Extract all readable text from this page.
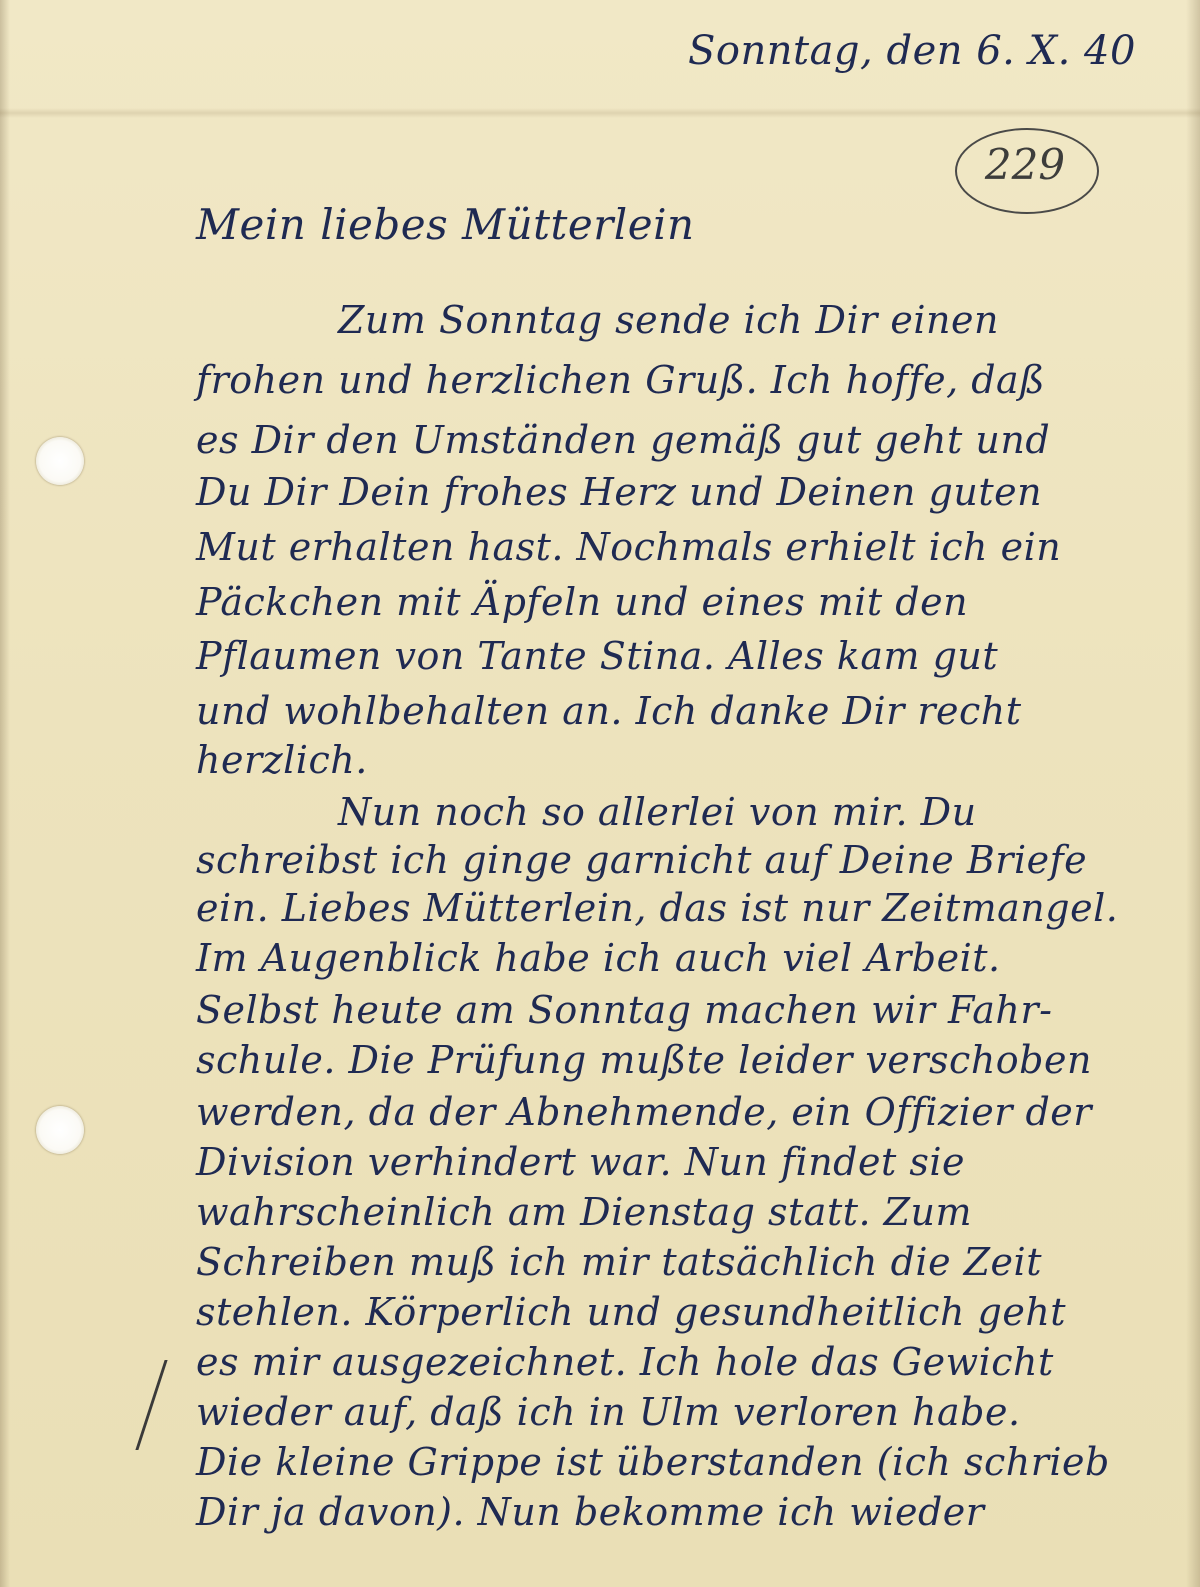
Sonntag, den 6. X. 40

229

Mein liebes Mütterlein

Zum Sonntag sende ich Dir einen

frohen und herzlichen Gruß. Ich hoffe, daß

es Dir den Umständen gemäß gut geht und

Du Dir Dein frohes Herz und Deinen guten

Mut erhalten hast. Nochmals erhielt ich ein

Päckchen mit Äpfeln und eines mit den

Pflaumen von Tante Stina. Alles kam gut

und wohlbehalten an. Ich danke Dir recht

herzlich.

Nun noch so allerlei von mir. Du

schreibst ich ginge garnicht auf Deine Briefe

ein. Liebes Mütterlein, das ist nur Zeitmangel.

Im Augenblick habe ich auch viel Arbeit.

Selbst heute am Sonntag machen wir Fahr-

schule. Die Prüfung mußte leider verschoben

werden, da der Abnehmende, ein Offizier der

Division verhindert war. Nun findet sie

wahrscheinlich am Dienstag statt. Zum

Schreiben muß ich mir tatsächlich die Zeit

stehlen. Körperlich und gesundheitlich geht

es mir ausgezeichnet. Ich hole das Gewicht

wieder auf, daß ich in Ulm verloren habe.

Die kleine Grippe ist überstanden (ich schrieb

Dir ja davon). Nun bekomme ich wieder
